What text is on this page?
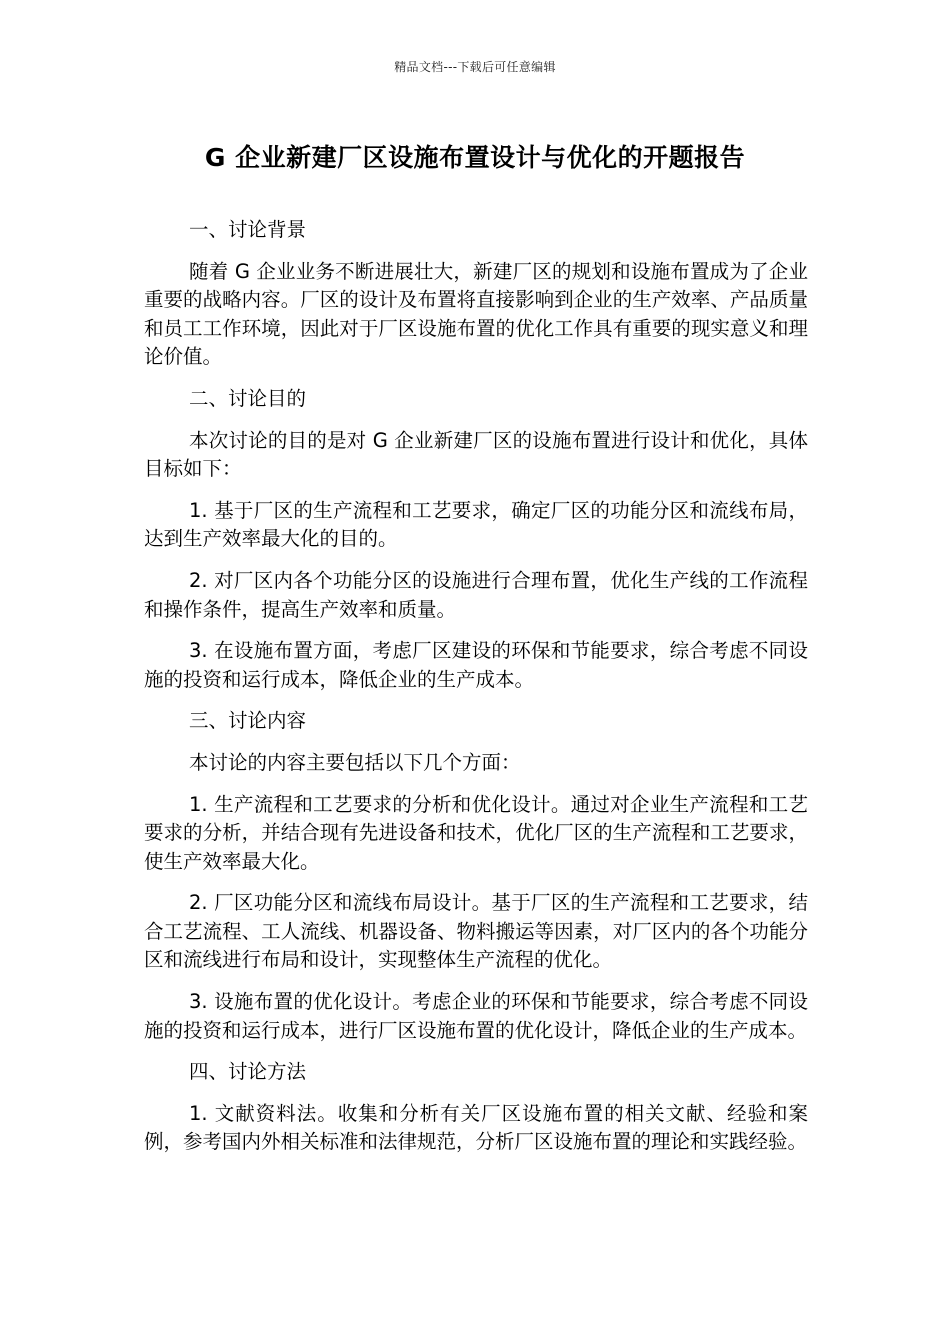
精品文档---下载后可任意编辑
G 企业新建厂区设施布置设计与优化的开题报告

一、讨论背景

随着 G 企业业务不断进展壮大，新建厂区的规划和设施布置成为了企业重要的战略内容。厂区的设计及布置将直接影响到企业的生产效率、产品质量和员工工作环境，因此对于厂区设施布置的优化工作具有重要的现实意义和理论价值。

二、讨论目的

本次讨论的目的是对 G 企业新建厂区的设施布置进行设计和优化，具体目标如下：

1. 基于厂区的生产流程和工艺要求，确定厂区的功能分区和流线布局，达到生产效率最大化的目的。

2. 对厂区内各个功能分区的设施进行合理布置，优化生产线的工作流程和操作条件，提高生产效率和质量。

3. 在设施布置方面，考虑厂区建设的环保和节能要求，综合考虑不同设施的投资和运行成本，降低企业的生产成本。

三、讨论内容

本讨论的内容主要包括以下几个方面：

1. 生产流程和工艺要求的分析和优化设计。通过对企业生产流程和工艺要求的分析，并结合现有先进设备和技术，优化厂区的生产流程和工艺要求，使生产效率最大化。

2. 厂区功能分区和流线布局设计。基于厂区的生产流程和工艺要求，结合工艺流程、工人流线、机器设备、物料搬运等因素，对厂区内的各个功能分区和流线进行布局和设计，实现整体生产流程的优化。

3. 设施布置的优化设计。考虑企业的环保和节能要求，综合考虑不同设施的投资和运行成本，进行厂区设施布置的优化设计，降低企业的生产成本。

四、讨论方法

1. 文献资料法。收集和分析有关厂区设施布置的相关文献、经验和案例，参考国内外相关标准和法律规范，分析厂区设施布置的理论和实践经验。
